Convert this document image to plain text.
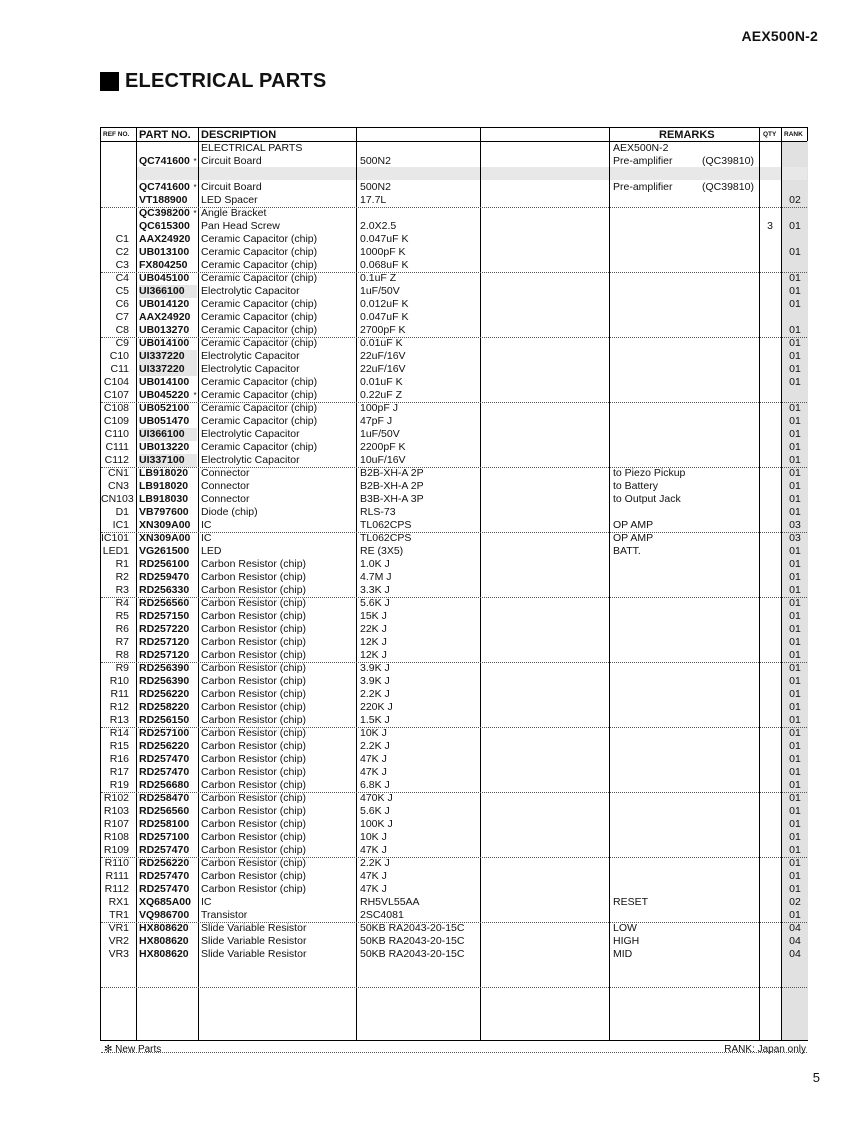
AEX500N-2
ELECTRICAL PARTS
REF NO. PART NO. DESCRIPTION	REMARKS	QTY RANK
ELECTRICAL PARTS	AEX500N-2
*
QC741600	Circuit Board	500N2	Pre-amplifier	(QC39810)
*
QC741600	Circuit Board	500N2	Pre-amplifier	(QC39810)
VT188900	LED Spacer	17.7L	02
*
QC398200	Angle Bracket
QC615300	Pan Head Screw	2.0X2.5	3	01
C1 AAX24920	Ceramic Capacitor (chip)	0.047uF K
C2 UB013100	Ceramic Capacitor (chip)	1000pF K	01
C3 FX804250	Ceramic Capacitor (chip)	0.068uF K
C4 UB045100	Ceramic Capacitor (chip)	0.1uF Z	01
C5 UI366100	Electrolytic Capacitor	1uF/50V	01
C6 UB014120	Ceramic Capacitor (chip)	0.012uF K	01
C7 AAX24920	Ceramic Capacitor (chip)	0.047uF K
C8 UB013270	Ceramic Capacitor (chip)	2700pF K	01
C9 UB014100	Ceramic Capacitor (chip)	0.01uF K	01
C10 UI337220	Electrolytic Capacitor	22uF/16V	01
C11 UI337220	Electrolytic Capacitor	22uF/16V	01
C104 UB014100	Ceramic Capacitor (chip)	0.01uF K	01
*
C107 UB045220	Ceramic Capacitor (chip)	0.22uF Z
C108 UB052100	Ceramic Capacitor (chip)	100pF J	01
C109 UB051470	Ceramic Capacitor (chip)	47pF J	01
C110 UI366100	Electrolytic Capacitor	1uF/50V	01
C111 UB013220	Ceramic Capacitor (chip)	2200pF K	01
C112 UI337100	Electrolytic Capacitor	10uF/16V	01
CN1 LB918020	Connector	B2B-XH-A 2P	to Piezo Pickup	01
CN3 LB918020	Connector	B2B-XH-A 2P	to Battery	01
CN103 LB918030	Connector	B3B-XH-A 3P	to Output Jack	01
D1 VB797600	Diode (chip)	RLS-73	01
IC1 XN309A00	IC	TL062CPS	OP AMP	03
IC101 XN309A00	IC	TL062CPS	OP AMP	03
LED1 VG261500	LED	RE (3X5)	BATT.	01
R1 RD256100	Carbon Resistor (chip)	1.0K J	01
R2 RD259470	Carbon Resistor (chip)	4.7M J	01
R3 RD256330	Carbon Resistor (chip)	3.3K J	01
R4 RD256560	Carbon Resistor (chip)	5.6K J	01
R5 RD257150	Carbon Resistor (chip)	15K J	01
R6 RD257220	Carbon Resistor (chip)	22K J	01
R7 RD257120	Carbon Resistor (chip)	12K J	01
R8 RD257120	Carbon Resistor (chip)	12K J	01
R9 RD256390	Carbon Resistor (chip)	3.9K J	01
R10 RD256390	Carbon Resistor (chip)	3.9K J	01
R11 RD256220	Carbon Resistor (chip)	2.2K J	01
R12 RD258220	Carbon Resistor (chip)	220K J	01
R13 RD256150	Carbon Resistor (chip)	1.5K J	01
R14 RD257100	Carbon Resistor (chip)	10K J	01
R15 RD256220	Carbon Resistor (chip)	2.2K J	01
R16 RD257470	Carbon Resistor (chip)	47K J	01
R17 RD257470	Carbon Resistor (chip)	47K J	01
R19 RD256680	Carbon Resistor (chip)	6.8K J	01
R102 RD258470	Carbon Resistor (chip)	470K J	01
R103 RD256560	Carbon Resistor (chip)	5.6K J	01
R107 RD258100	Carbon Resistor (chip)	100K J	01
R108 RD257100	Carbon Resistor (chip)	10K J	01
R109 RD257470	Carbon Resistor (chip)	47K J	01
R110 RD256220	Carbon Resistor (chip)	2.2K J	01
R111 RD257470	Carbon Resistor (chip)	47K J	01
R112 RD257470	Carbon Resistor (chip)	47K J	01
RX1 XQ685A00 IC	RH5VL55AA	RESET	02
TR1 VQ986700	Transistor	2SC4081	01
VR1 HX808620	Slide Variable Resistor	50KB RA2043-20-15C	LOW	04
VR2 HX808620	Slide Variable Resistor	50KB RA2043-20-15C	HIGH	04
VR3 HX808620	Slide Variable Resistor	50KB RA2043-20-15C	MID	04
✻ New Parts	RANK: Japan only
5
